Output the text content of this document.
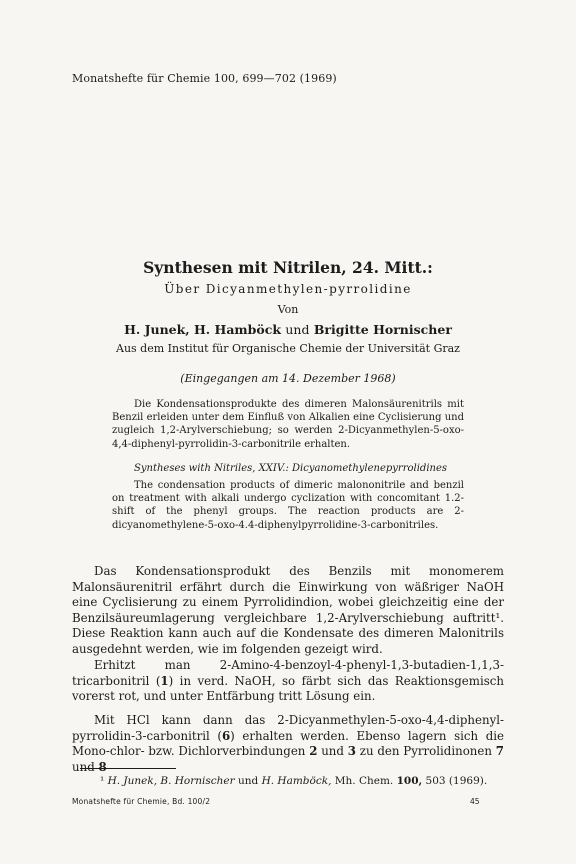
Monatshefte für Chemie 100, 699—702 (1969)
Synthesen mit Nitrilen, 24. Mitt.:
Über Dicyanmethylen-pyrrolidine
Von
H. Junek, H. Hamböck und Brigitte Hornischer
Aus dem Institut für Organische Chemie der Universität Graz
(Eingegangen am 14. Dezember 1968)
Die Kondensationsprodukte des dimeren Malonsäurenitrils mit Benzil erleiden unter dem Einfluß von Alkalien eine Cyclisierung und zugleich 1,2-Arylverschiebung; so werden 2-Dicyanmethylen-5-oxo-4,4-diphenyl-pyrrolidin-3-carbonitrile erhalten.
Syntheses with Nitriles, XXIV.: Dicyanomethylenepyrrolidines
The condensation products of dimeric malononitrile and benzil on treatment with alkali undergo cyclization with concomitant 1.2-shift of the phenyl groups. The reaction products are 2-dicyanomethylene-5-oxo-4.4-diphenylpyrrolidine-3-carbonitriles.
Das Kondensationsprodukt des Benzils mit monomerem Malonsäurenitril erfährt durch die Einwirkung von wäßriger NaOH eine Cyclisierung zu einem Pyrrolidindion, wobei gleichzeitig eine der Benzilsäureumlagerung vergleichbare 1,2-Arylverschiebung auftritt¹. Diese Reaktion kann auch auf die Kondensate des dimeren Malonitrils ausgedehnt werden, wie im folgenden gezeigt wird.
Erhitzt man 2-Amino-4-benzoyl-4-phenyl-1,3-butadien-1,1,3-tricarbonitril (1) in verd. NaOH, so färbt sich das Reaktionsgemisch vorerst rot, und unter Entfärbung tritt Lösung ein.
Mit HCl kann dann das 2-Dicyanmethylen-5-oxo-4,4-diphenyl-pyrrolidin-3-carbonitril (6) erhalten werden. Ebenso lagern sich die Mono-chlor- bzw. Dichlorverbindungen 2 und 3 zu den Pyrrolidinonen 7 und 8
¹ H. Junek, B. Hornischer und H. Hamböck, Mh. Chem. 100, 503 (1969).
Monatshefte für Chemie, Bd. 100/2	45
